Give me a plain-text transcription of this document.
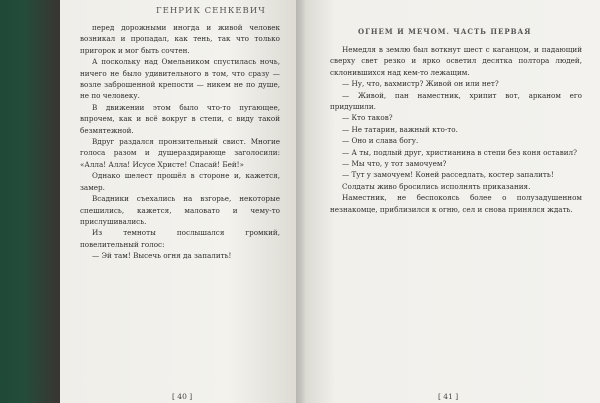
ГЕНРИК СЕНКЕВИЧ

перед дорожными иногда и живой человек возникал и пропадал, как тень, так что только пригорок и мог быть сочтен.

А поскольку над Омельником спустилась ночь, ничего не было удивительного в том, что сразу — возле заброшенной крепости — никем не по душе, не по человеку.

В движении этом было что-то пугающее, впрочем, как и всё вокруг в степи, с виду такой безмятежной.

Вдруг раздался пронзительный свист. Многие голоса разом и душераздирающе заголосили: «Алла! Алла! Исусе Христе! Спасай! Бей!»

Однако шелест прошёл в стороне и, кажется, замер.

Всадники съехались на взгорье, некоторые спешились, кажется, маловато и чему-то прислушивались.

Из темноты послышался громкий, повелительный голос:

— Эй там! Высечь огня да запалить!

[ 40 ]
ОГНЕМ И МЕЧОМ. ЧАСТЬ ПЕРВАЯ

Немедля в землю был воткнут шест с каганцом, и падающий сверху свет резко и ярко осветил десятка полтора людей, склонившихся над кем-то лежащим.

— Ну, что, вахмистр? Живой он или нет?

— Живой, пан наместник, хрипит вот, арканом его придушили.

— Кто таков?

— Не татарин, важный кто-то.

— Оно и слава богу.

— А ты, подлый друг, христианина в степи без коня оставил?

— Мы что, у тот замочуем?

— Тут у замочуем! Коней расседлать, костер запалить!

Солдаты живо бросились исполнять приказания.

Наместник, не беспокоясь более о полузадушенном незнакомце, приблизился к огню, сел и снова принялся ждать.

[ 41 ]
